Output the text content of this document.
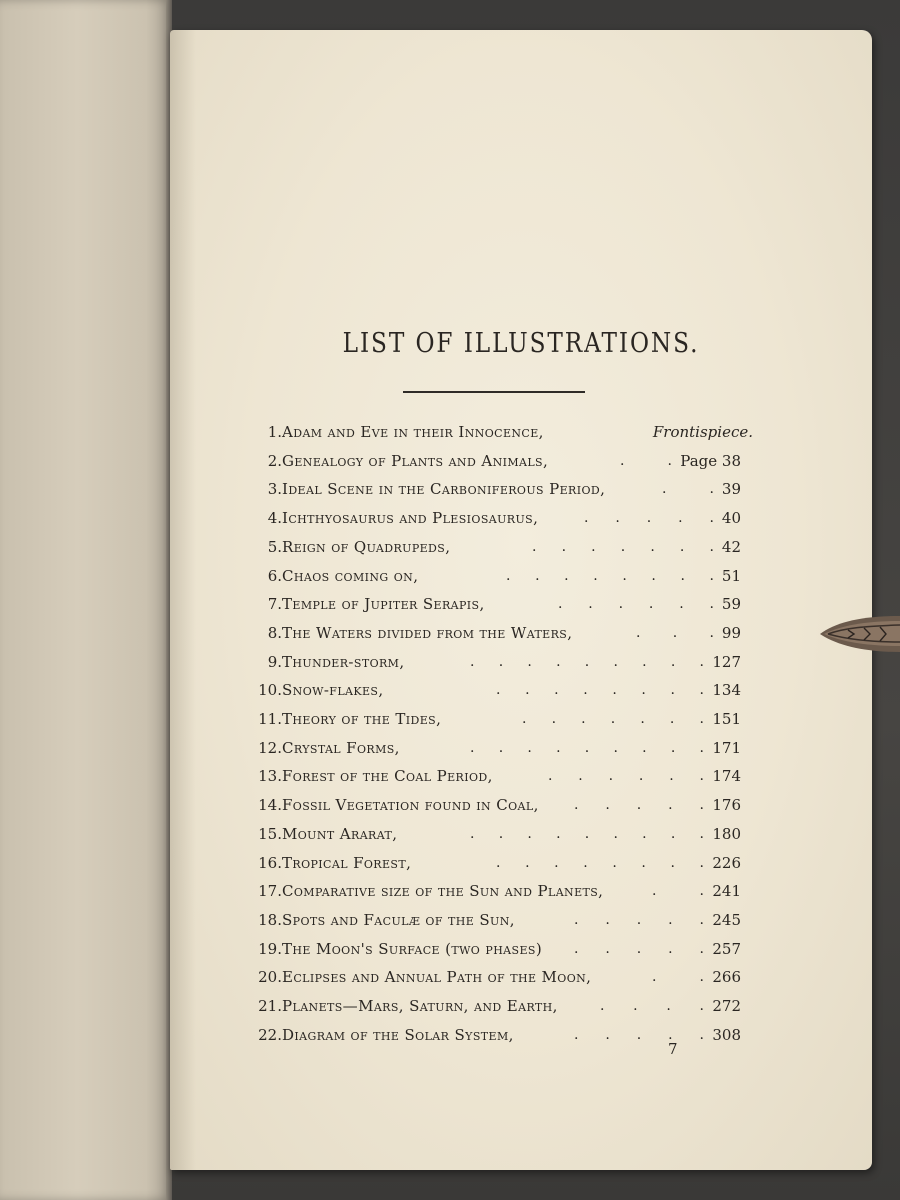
LIST OF ILLUSTRATIONS.
1. Adam and Eve in their Innocence,	Frontispiece.
2. Genealogy of Plants and Animals,	.	. Page 38
3. Ideal Scene in the Carboniferous Period,	.	. 39
4. Ichthyosaurus and Plesiosaurus,	. . . . . 40
5. Reign of Quadrupeds,	. . . . . . . 42
6. Chaos coming on,	. . . . . . . . 51
7. Temple of Jupiter Serapis,	. . . . . . 59
8. The Waters divided from the Waters,	. . . 99
9. Thunder-storm,	. . . . . . . . . 127
10. Snow-flakes,	. . . . . . . . 134
11. Theory of the Tides,	. . . . . . . 151
12. Crystal Forms,	. . . . . . . . . 171
13. Forest of the Coal Period,	. . . . . . 174
14. Fossil Vegetation found in Coal,	. . . . . 176
15. Mount Ararat,	. . . . . . . . . 180
16. Tropical Forest,	. . . . . . . . 226
17. Comparative size of the Sun and Planets,	.	. 241
18. Spots and Faculæ of the Sun,	. . . . . 245
19. The Moon's Surface (two phases) . . . . . 257
20. Eclipses and Annual Path of the Moon,	.	. 266
21. Planets—Mars, Saturn, and Earth,	. . . . 272
22. Diagram of the Solar System,	. . . . . 308
7
